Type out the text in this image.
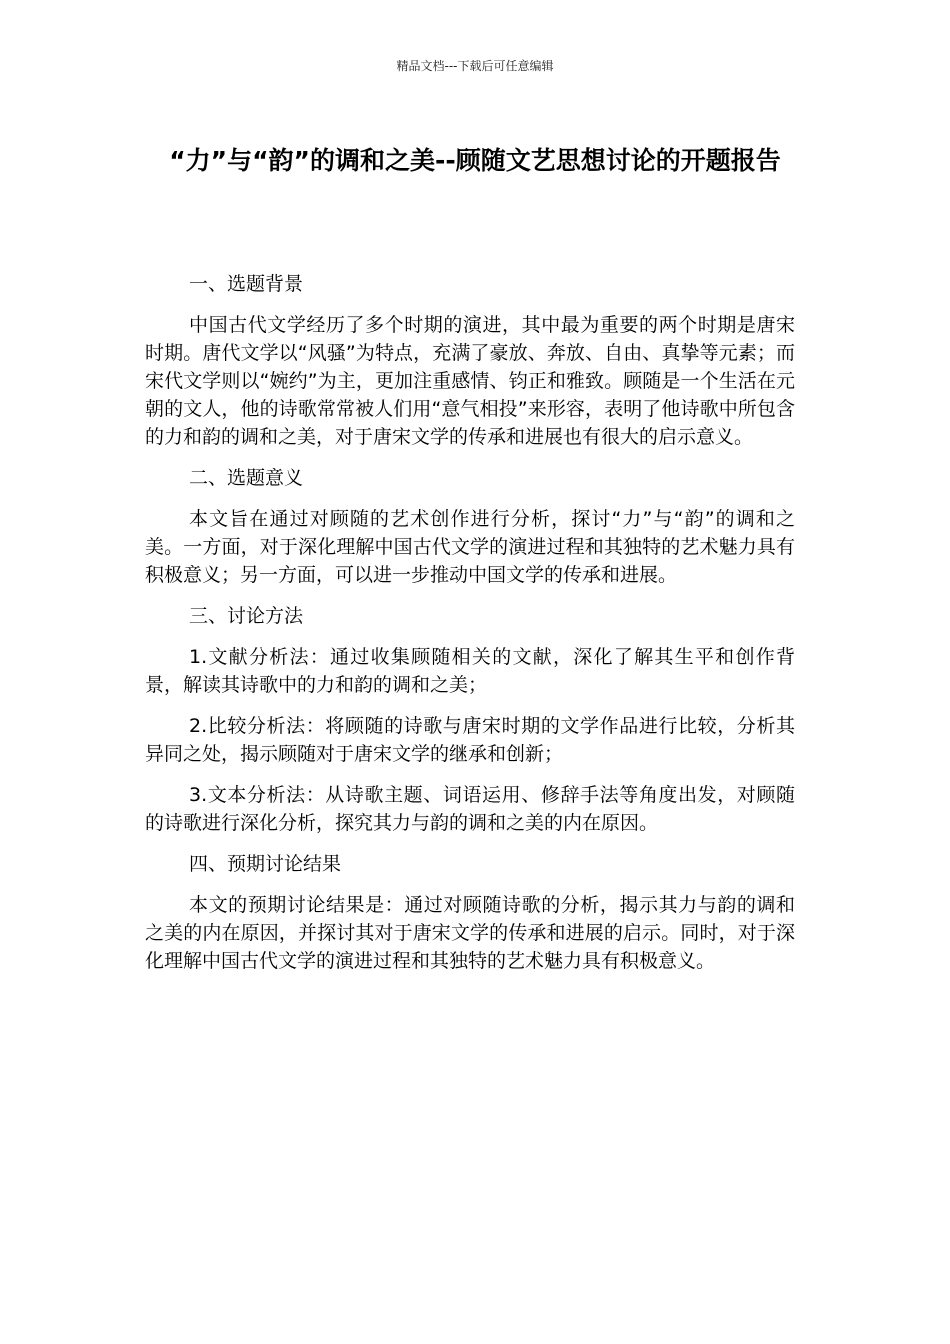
精品文档---下载后可任意编辑
“力”与“韵”的调和之美--顾随文艺思想讨论的开题报告

一、选题背景

中国古代文学经历了多个时期的演进，其中最为重要的两个时期是唐宋时期。唐代文学以“风骚”为特点，充满了豪放、奔放、自由、真挚等元素；而宋代文学则以“婉约”为主，更加注重感情、钧正和雅致。顾随是一个生活在元朝的文人，他的诗歌常常被人们用“意气相投”来形容，表明了他诗歌中所包含的力和韵的调和之美，对于唐宋文学的传承和进展也有很大的启示意义。

二、选题意义

本文旨在通过对顾随的艺术创作进行分析，探讨“力”与“韵”的调和之美。一方面，对于深化理解中国古代文学的演进过程和其独特的艺术魅力具有积极意义；另一方面，可以进一步推动中国文学的传承和进展。

三、讨论方法

1.文献分析法：通过收集顾随相关的文献，深化了解其生平和创作背景，解读其诗歌中的力和韵的调和之美；

2.比较分析法：将顾随的诗歌与唐宋时期的文学作品进行比较，分析其异同之处，揭示顾随对于唐宋文学的继承和创新；

3.文本分析法：从诗歌主题、词语运用、修辞手法等角度出发，对顾随的诗歌进行深化分析，探究其力与韵的调和之美的内在原因。

四、预期讨论结果

本文的预期讨论结果是：通过对顾随诗歌的分析，揭示其力与韵的调和之美的内在原因，并探讨其对于唐宋文学的传承和进展的启示。同时，对于深化理解中国古代文学的演进过程和其独特的艺术魅力具有积极意义。
